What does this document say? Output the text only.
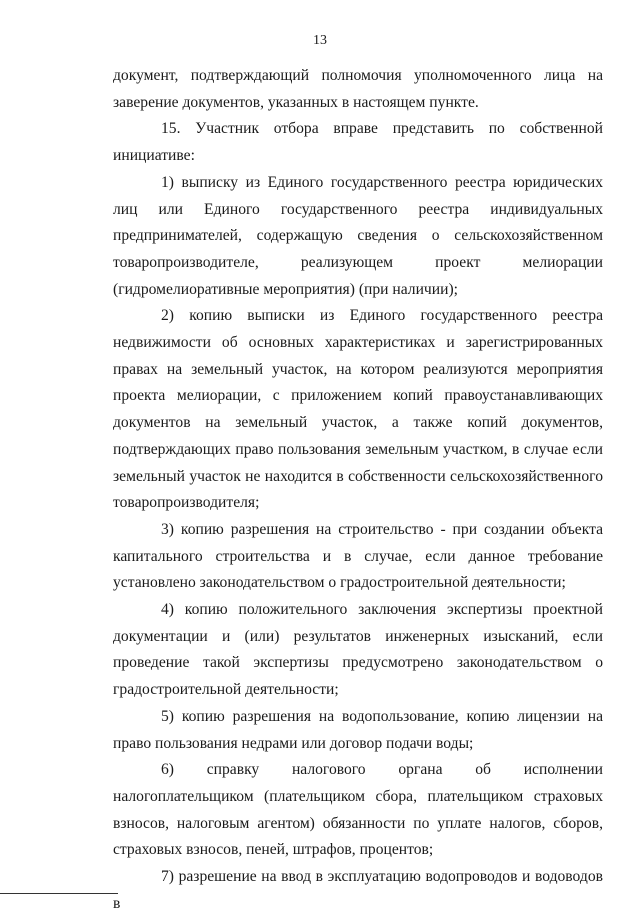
13

документ, подтверждающий полномочия уполномоченного лица на заверение документов, указанных в настоящем пункте.

15. Участник отбора вправе представить по собственной инициативе:

1) выписку из Единого государственного реестра юридических лиц или Единого государственного реестра индивидуальных предпринимателей, содержащую сведения о сельскохозяйственном товаропроизводителе, реализующем проект мелиорации (гидромелиоративные мероприятия) (при наличии);

2) копию выписки из Единого государственного реестра недвижимости об основных характеристиках и зарегистрированных правах на земельный участок, на котором реализуются мероприятия проекта мелиорации, с приложением копий правоустанавливающих документов на земельный участок, а также копий документов, подтверждающих право пользования земельным участком, в случае если земельный участок не находится в собственности сельскохозяйственного товаропроизводителя;

3) копию разрешения на строительство - при создании объекта капитального строительства и в случае, если данное требование установлено законодательством о градостроительной деятельности;

4) копию положительного заключения экспертизы проектной документации и (или) результатов инженерных изысканий, если проведение такой экспертизы предусмотрено законодательством о градостроительной деятельности;

5) копию разрешения на водопользование, копию лицензии на право пользования недрами или договор подачи воды;

6) справку налогового органа об исполнении налогоплательщиком (плательщиком сбора, плательщиком страховых взносов, налоговым агентом) обязанности по уплате налогов, сборов, страховых взносов, пеней, штрафов, процентов;

7) разрешение на ввод в эксплуатацию водопроводов и водоводов в
